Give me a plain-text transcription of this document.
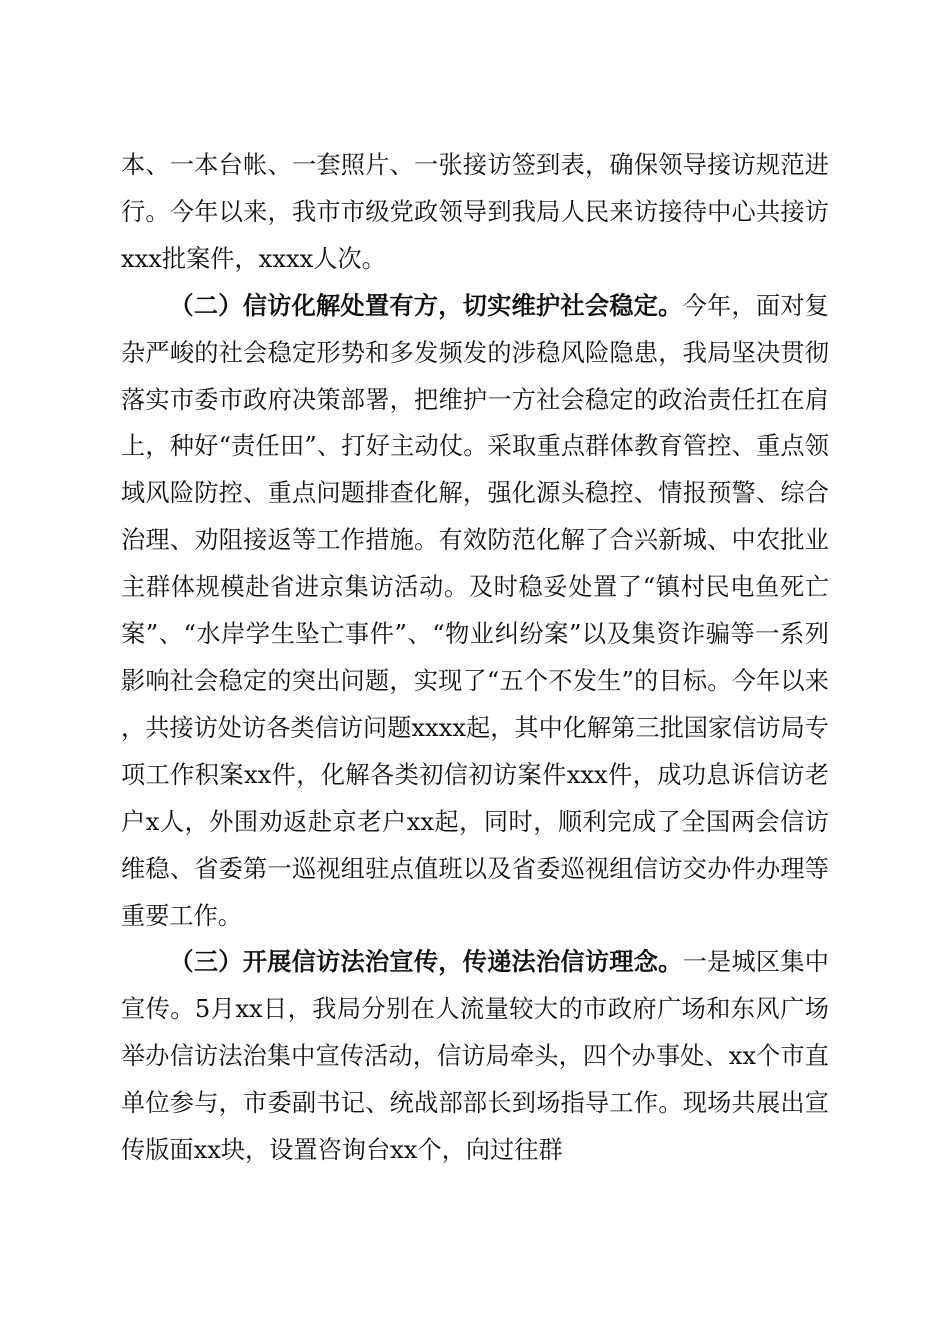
本、一本台帐、一套照片、一张接访签到表，确保领导接访规范进行。今年以来，我市市级党政领导到我局人民来访接待中心共接访xxx批案件，xxxx人次。

（二）信访化解处置有方，切实维护社会稳定。今年，面对复杂严峻的社会稳定形势和多发频发的涉稳风险隐患，我局坚决贯彻落实市委市政府决策部署，把维护一方社会稳定的政治责任扛在肩上，种好“责任田”、打好主动仗。采取重点群体教育管控、重点领域风险防控、重点问题排查化解，强化源头稳控、情报预警、综合治理、劝阻接返等工作措施。有效防范化解了合兴新城、中农批业主群体规模赴省进京集访活动。及时稳妥处置了“镇村民电鱼死亡案”、“水岸学生坠亡事件”、“物业纠纷案”以及集资诈骗等一系列影响社会稳定的突出问题，实现了“五个不发生”的目标。今年以来，共接访处访各类信访问题xxxx起，其中化解第三批国家信访局专项工作积案xx件，化解各类初信初访案件xxx件，成功息诉信访老户x人，外围劝返赴京老户xx起，同时，顺利完成了全国两会信访维稳、省委第一巡视组驻点值班以及省委巡视组信访交办件办理等重要工作。

（三）开展信访法治宣传，传递法治信访理念。一是城区集中宣传。5月xx日，我局分别在人流量较大的市政府广场和东风广场举办信访法治集中宣传活动，信访局牵头，四个办事处、xx个市直单位参与，市委副书记、统战部部长到场指导工作。现场共展出宣传版面xx块，设置咨询台xx个，向过往群
